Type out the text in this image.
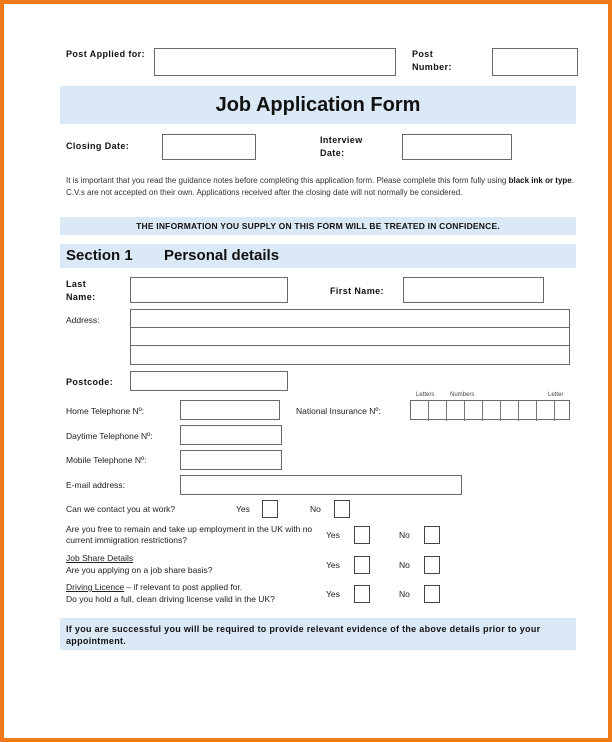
Post Applied for:	Post Number:
Job Application Form
Closing Date:
Interview Date:
It is important that you read the guidance notes before completing this application form. Please complete this form fully using black ink or type. C.V.s are not accepted on their own. Applications received after the closing date will not normally be considered.
THE INFORMATION YOU SUPPLY ON THIS FORM WILL BE TREATED IN CONFIDENCE.
Section 1 Personal details
Last Name:
First Name:
Address:
Postcode:
Home Telephone Nº:	National Insurance Nº:
Letters	Numbers	Letter
Daytime Telephone Nº:
Mobile Telephone Nº:
E-mail address:
Can we contact you at work?	Yes	No
Are you free to remain and take up employment in the UK with no current immigration restrictions?	Yes	No
Job Share Details
Are you applying on a job share basis?	Yes	No
Driving Licence – if relevant to post applied for.
Do you hold a full, clean driving license valid in the UK?	Yes	No
If you are successful you will be required to provide relevant evidence of the above details prior to your appointment.
